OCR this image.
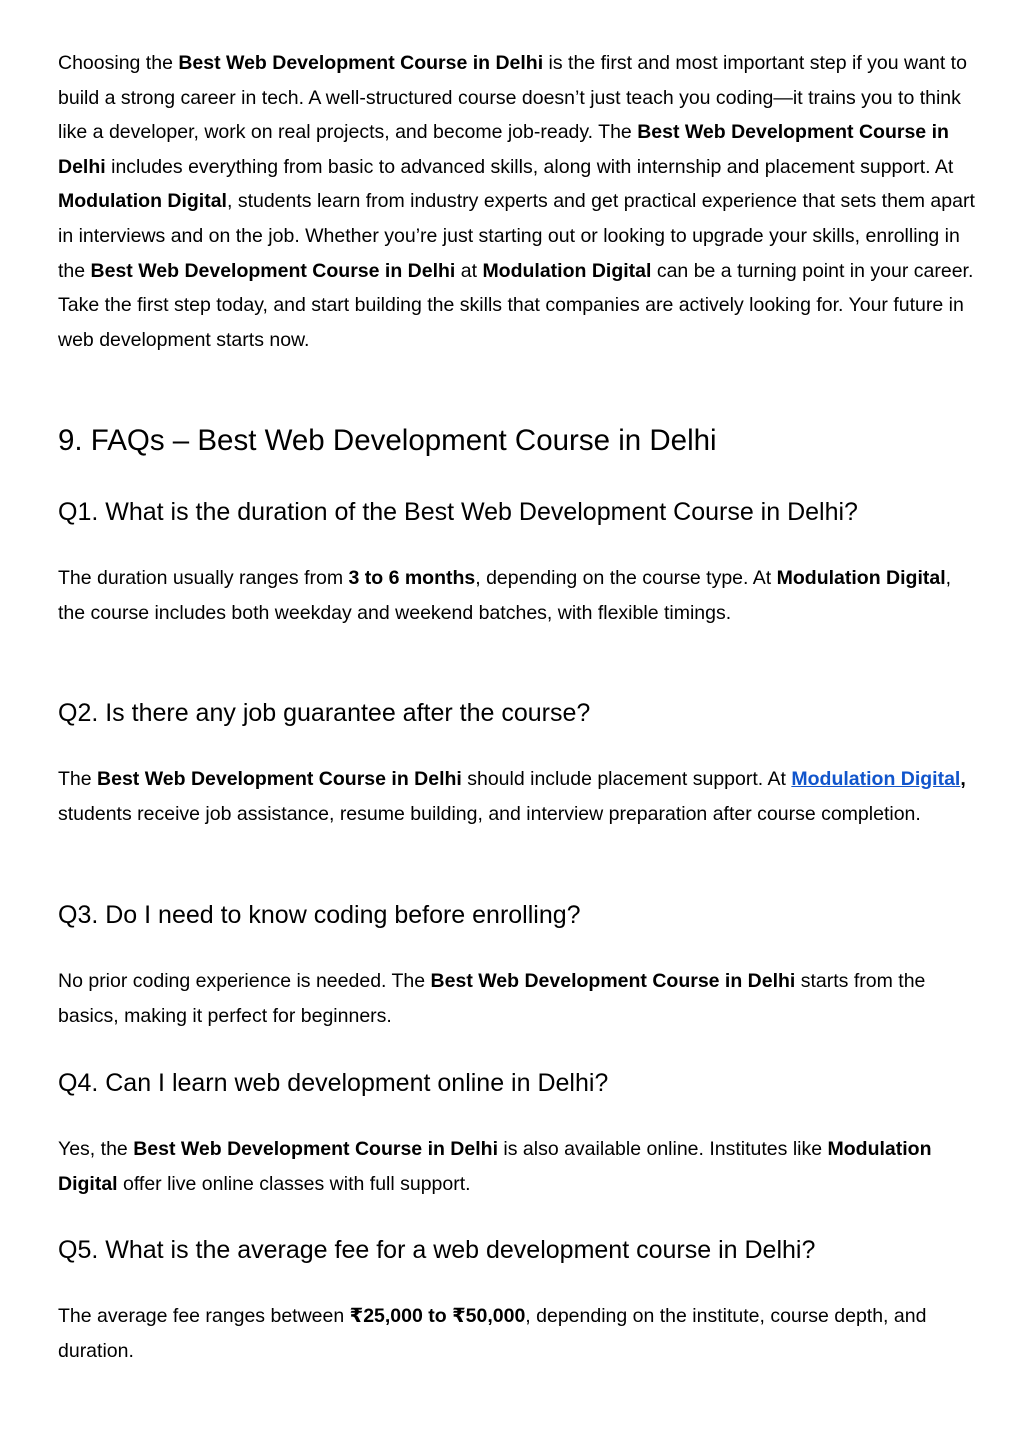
Choosing the Best Web Development Course in Delhi is the first and most important step if you want to build a strong career in tech. A well-structured course doesn’t just teach you coding—it trains you to think like a developer, work on real projects, and become job-ready. The Best Web Development Course in Delhi includes everything from basic to advanced skills, along with internship and placement support. At Modulation Digital, students learn from industry experts and get practical experience that sets them apart in interviews and on the job. Whether you’re just starting out or looking to upgrade your skills, enrolling in the Best Web Development Course in Delhi at Modulation Digital can be a turning point in your career. Take the first step today, and start building the skills that companies are actively looking for. Your future in web development starts now.

9. FAQs – Best Web Development Course in Delhi
Q1. What is the duration of the Best Web Development Course in Delhi?

The duration usually ranges from 3 to 6 months, depending on the course type. At Modulation Digital, the course includes both weekday and weekend batches, with flexible timings.

Q2. Is there any job guarantee after the course?

The Best Web Development Course in Delhi should include placement support. At Modulation Digital, students receive job assistance, resume building, and interview preparation after course completion.

Q3. Do I need to know coding before enrolling?

No prior coding experience is needed. The Best Web Development Course in Delhi starts from the basics, making it perfect for beginners.

Q4. Can I learn web development online in Delhi?

Yes, the Best Web Development Course in Delhi is also available online. Institutes like Modulation Digital offer live online classes with full support.

Q5. What is the average fee for a web development course in Delhi?

The average fee ranges between ₹25,000 to ₹50,000, depending on the institute, course depth, and duration.
